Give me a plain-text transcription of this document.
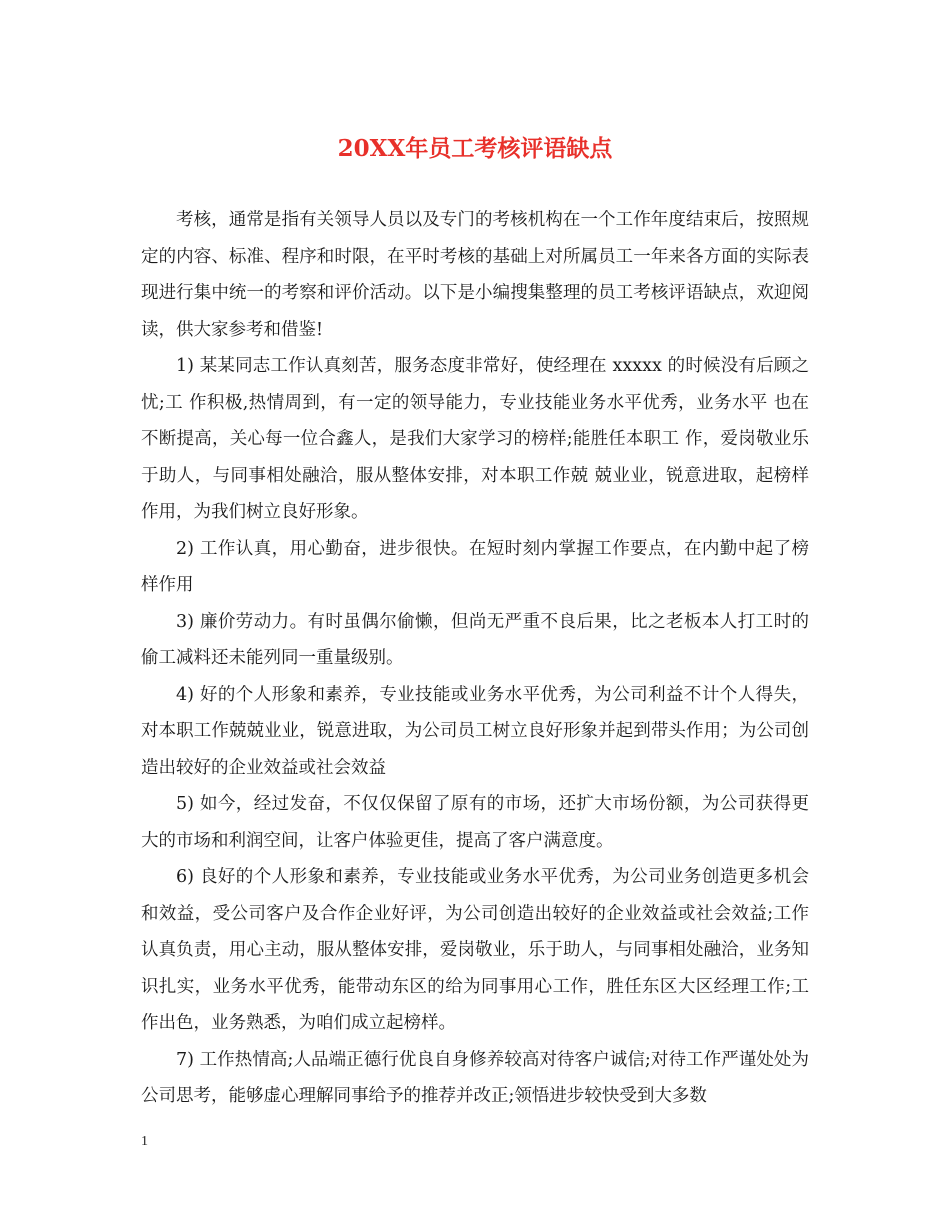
20XX年员工考核评语缺点

考核，通常是指有关领导人员以及专门的考核机构在一个工作年度结束后，按照规定的内容、标准、程序和时限，在平时考核的基础上对所属员工一年来各方面的实际表现进行集中统一的考察和评价活动。以下是小编搜集整理的员工考核评语缺点，欢迎阅读，供大家参考和借鉴!

1) 某某同志工作认真刻苦，服务态度非常好，使经理在 xxxxx 的时候没有后顾之忧;工 作积极,热情周到，有一定的领导能力，专业技能业务水平优秀，业务水平 也在不断提高，关心每一位合鑫人，是我们大家学习的榜样;能胜任本职工 作，爱岗敬业乐于助人，与同事相处融洽，服从整体安排，对本职工作兢 兢业业，锐意进取，起榜样作用，为我们树立良好形象。

2) 工作认真，用心勤奋，进步很快。在短时刻内掌握工作要点，在内勤中起了榜样作用

3) 廉价劳动力。有时虽偶尔偷懒，但尚无严重不良后果，比之老板本人打工时的偷工减料还未能列同一重量级别。

4) 好的个人形象和素养，专业技能或业务水平优秀，为公司利益不计个人得失，对本职工作兢兢业业，锐意进取，为公司员工树立良好形象并起到带头作用；为公司创造出较好的企业效益或社会效益

5) 如今，经过发奋，不仅仅保留了原有的市场，还扩大市场份额，为公司获得更大的市场和利润空间，让客户体验更佳，提高了客户满意度。

6) 良好的个人形象和素养，专业技能或业务水平优秀，为公司业务创造更多机会和效益，受公司客户及合作企业好评，为公司创造出较好的企业效益或社会效益;工作认真负责，用心主动，服从整体安排，爱岗敬业，乐于助人，与同事相处融洽，业务知识扎实，业务水平优秀，能带动东区的给为同事用心工作，胜任东区大区经理工作;工作出色，业务熟悉，为咱们成立起榜样。

7) 工作热情高;人品端正德行优良自身修养较高对待客户诚信;对待工作严谨处处为公司思考，能够虚心理解同事给予的推荐并改正;领悟进步较快受到大多数

1
